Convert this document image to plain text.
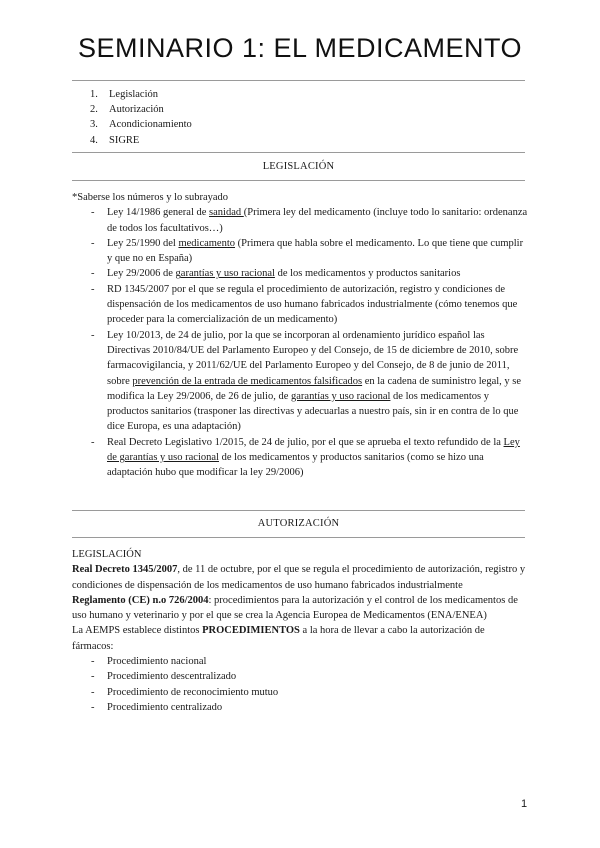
SEMINARIO 1: EL MEDICAMENTO
1. Legislación
2. Autorización
3. Acondicionamiento
4. SIGRE
LEGISLACIÓN

*Saberse los números y lo subrayado

- Ley 14/1986 general de sanidad (Primera ley del medicamento (incluye todo lo sanitario: ordenanza de todos los facultativos…)
- Ley 25/1990 del medicamento (Primera que habla sobre el medicamento. Lo que tiene que cumplir y que no en España)
- Ley 29/2006 de garantías y uso racional de los medicamentos y productos sanitarios
- RD 1345/2007 por el que se regula el procedimiento de autorización, registro y condiciones de dispensación de los medicamentos de uso humano fabricados industrialmente (cómo tenemos que proceder para la comercialización de un medicamento)
- Ley 10/2013, de 24 de julio, por la que se incorporan al ordenamiento jurídico español las Directivas 2010/84/UE del Parlamento Europeo y del Consejo, de 15 de diciembre de 2010, sobre farmacovigilancia, y 2011/62/UE del Parlamento Europeo y del Consejo, de 8 de junio de 2011, sobre prevención de la entrada de medicamentos falsificados en la cadena de suministro legal, y se modifica la Ley 29/2006, de 26 de julio, de garantías y uso racional de los medicamentos y productos sanitarios (trasponer las directivas y adecuarlas a nuestro país, sin ir en contra de lo que dice Europa, es una adaptación)
- Real Decreto Legislativo 1/2015, de 24 de julio, por el que se aprueba el texto refundido de la Ley de garantías y uso racional de los medicamentos y productos sanitarios (como se hizo una adaptación hubo que modificar la ley 29/2006)
AUTORIZACIÓN

LEGISLACIÓN

Real Decreto 1345/2007, de 11 de octubre, por el que se regula el procedimiento de autorización, registro y condiciones de dispensación de los medicamentos de uso humano fabricados industrialmente

Reglamento (CE) n.o 726/2004: procedimientos para la autorización y el control de los medicamentos de uso humano y veterinario y por el que se crea la Agencia Europea de Medicamentos (ENA/ENEA)

La AEMPS establece distintos PROCEDIMIENTOS a la hora de llevar a cabo la autorización de fármacos:

- Procedimiento nacional
- Procedimiento descentralizado
- Procedimiento de reconocimiento mutuo
- Procedimiento centralizado
1
